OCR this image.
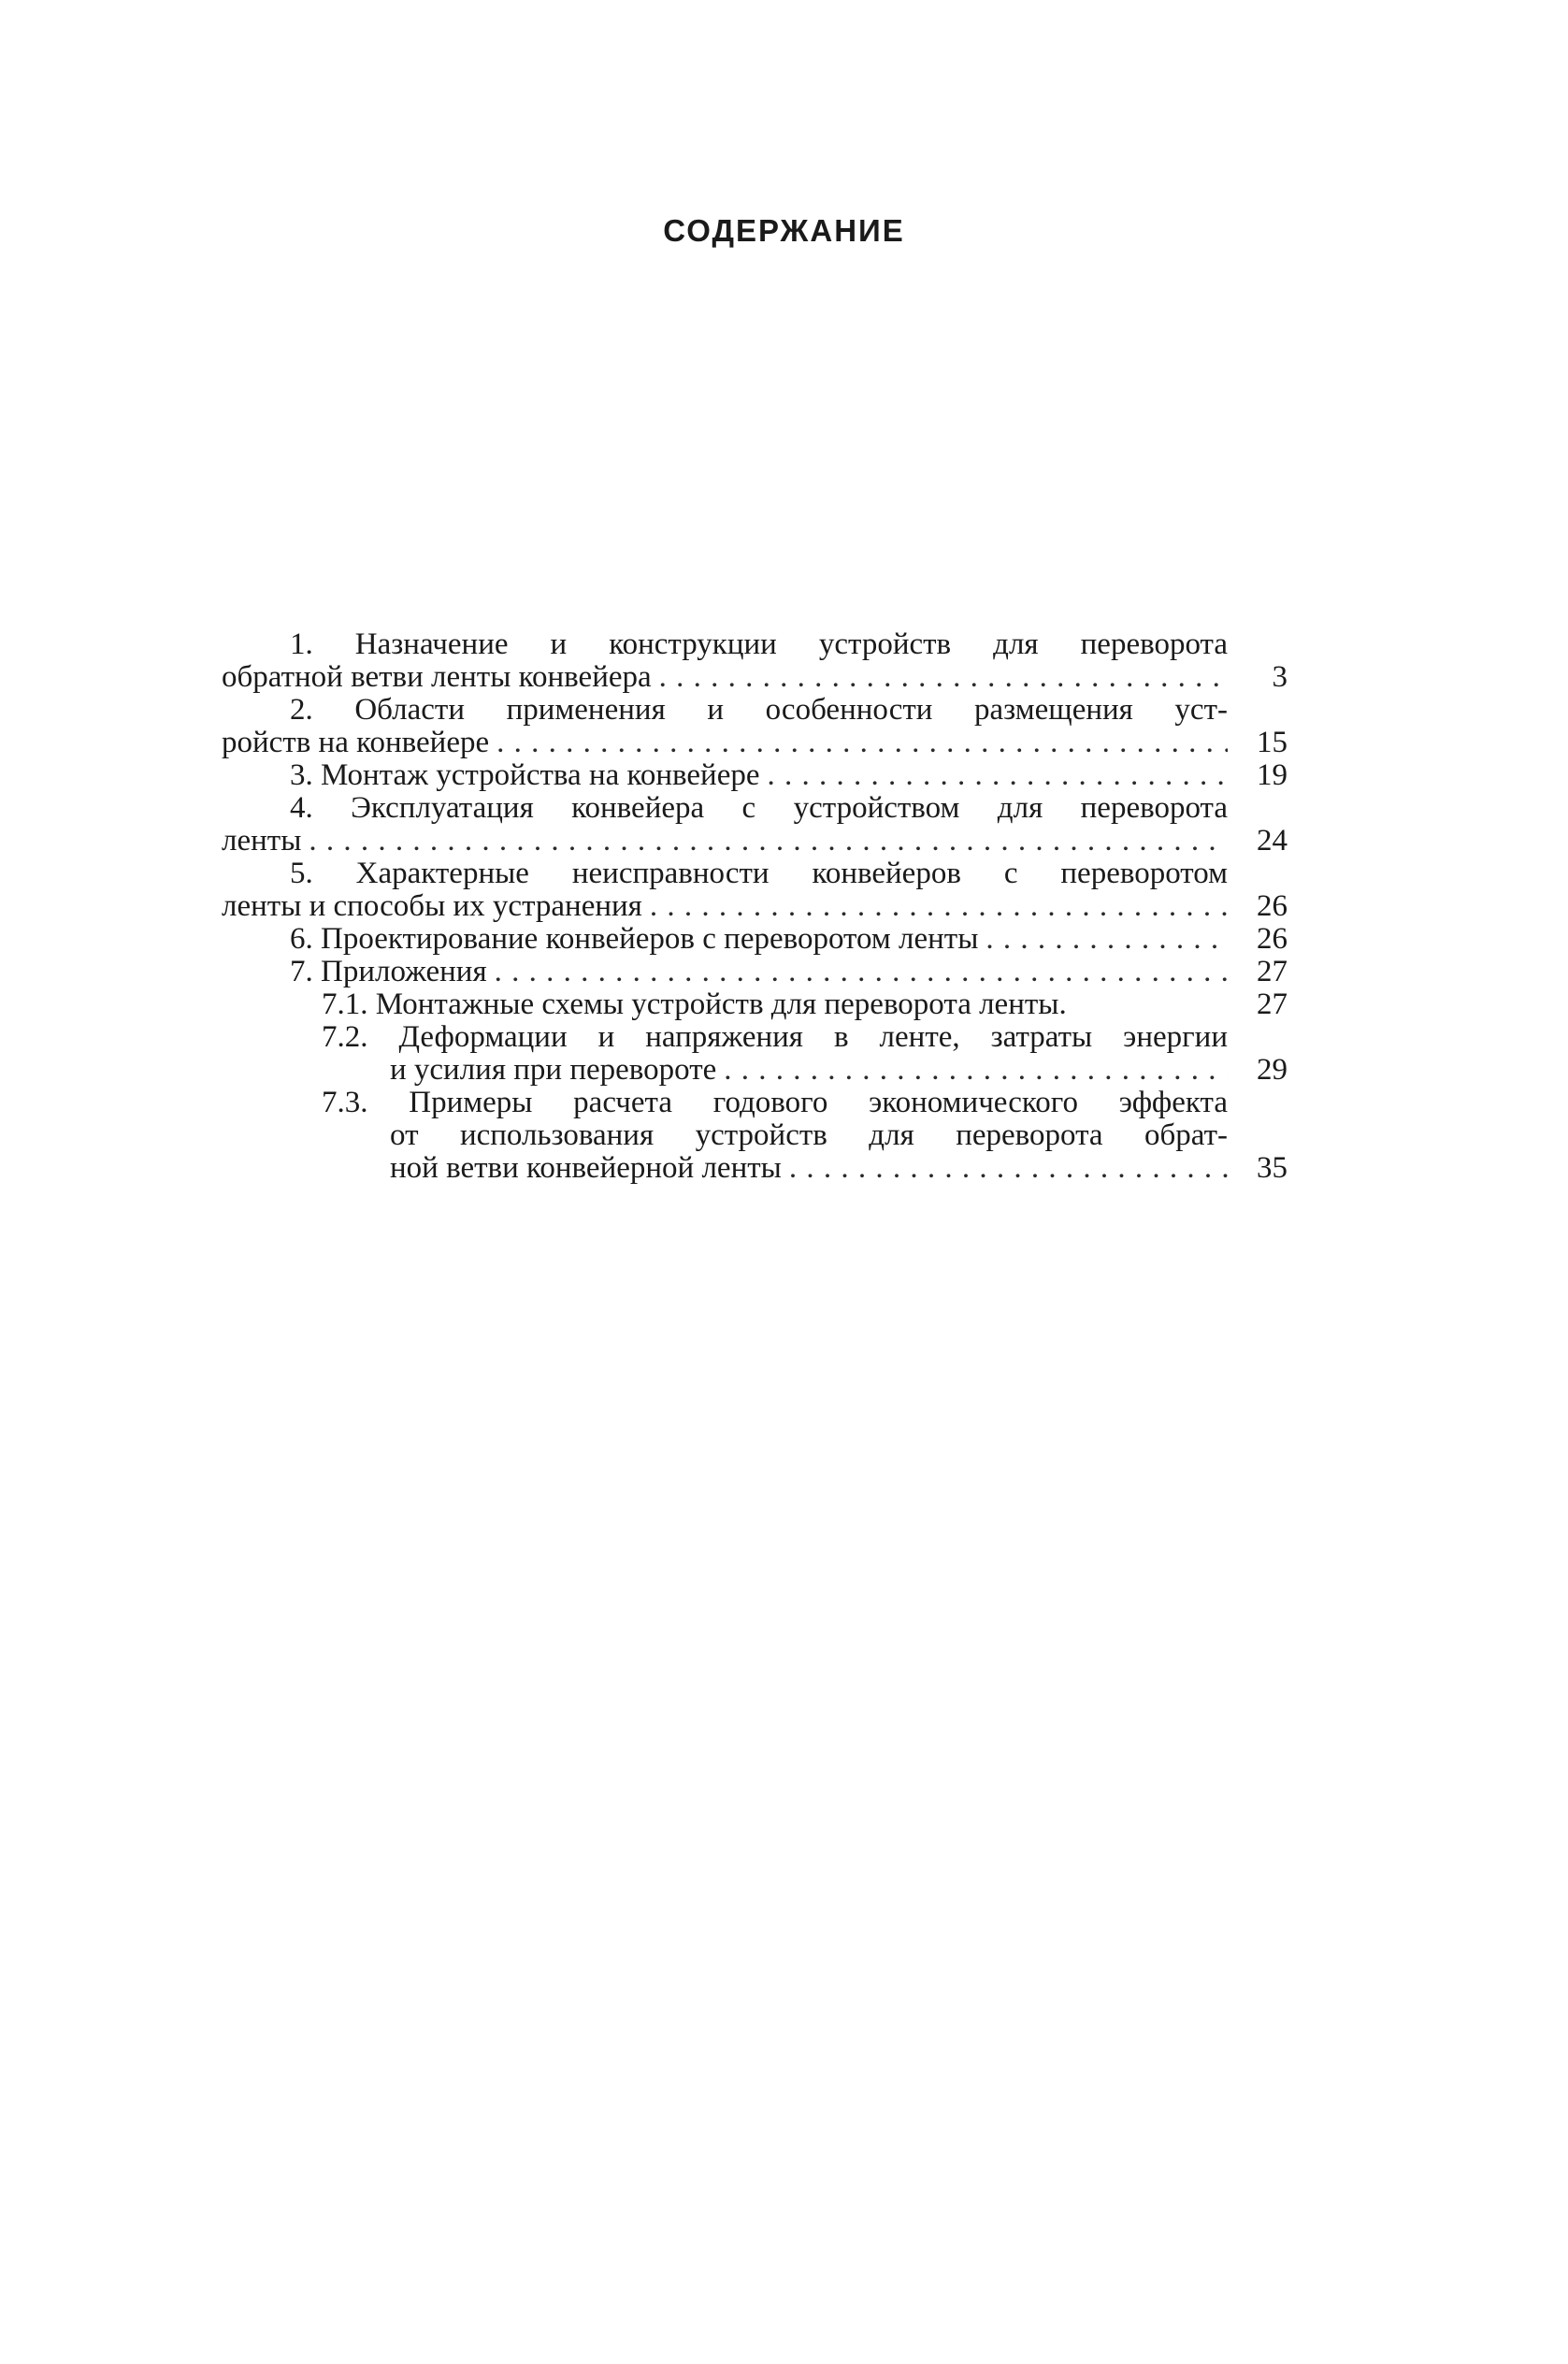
СОДЕРЖАНИЕ
1. Назначение и конструкции устройств для переворота
обратной ветви ленты конвейера . . .	3
2. Области применения и особенности размещения уст-
ройств на конвейере . . .	15
3. Монтаж устройства на конвейере . . .	19
4. Эксплуатация конвейера с устройством для переворота
ленты . . .	24
5. Характерные неисправности конвейеров с переворотом
ленты и способы их устранения . . .	26
6. Проектирование конвейеров с переворотом ленты . . .	26
7. Приложения . . .	27
7.1. Монтажные схемы устройств для переворота ленты.	27
7.2. Деформации и напряжения в ленте, затраты энергии
и усилия при перевороте . . .	29
7.3. Примеры расчета годового экономического эффекта
от использования устройств для переворота обрат-
ной ветви конвейерной ленты . . .	35
